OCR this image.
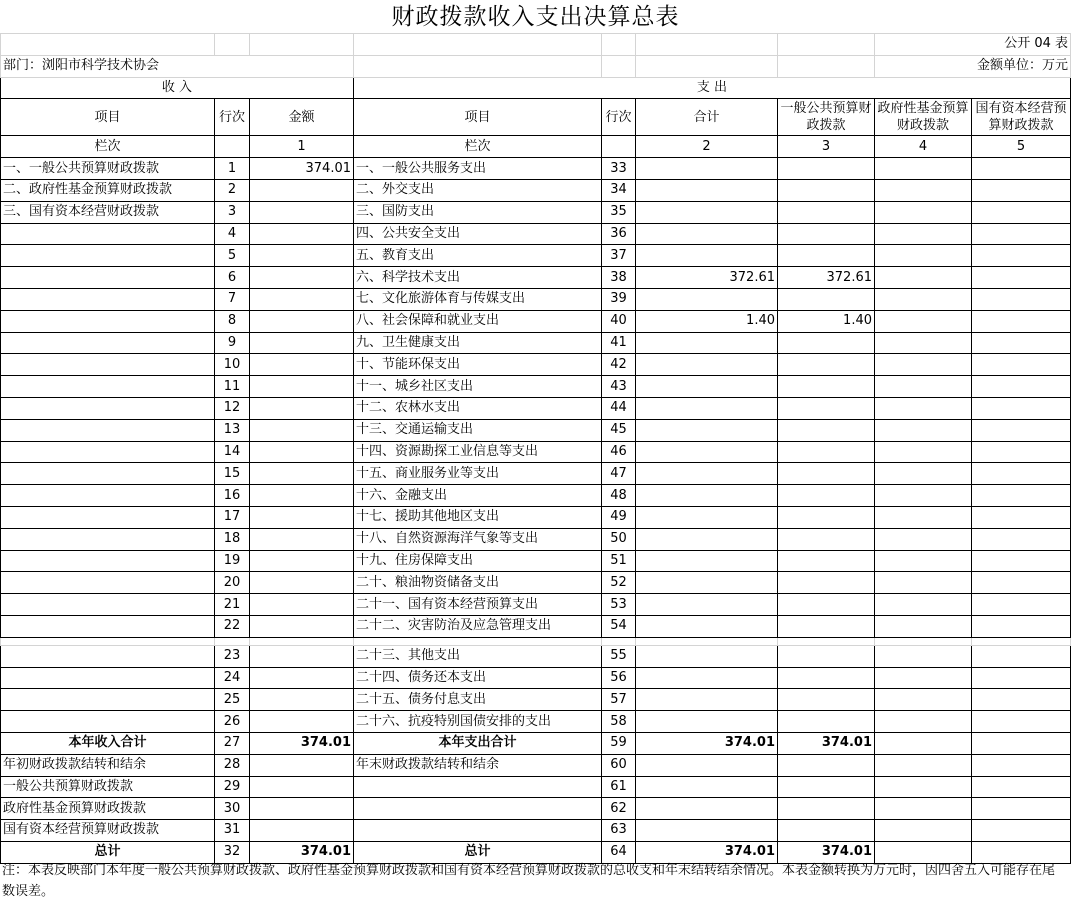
财政拨款收入支出决算总表
							公开 04 表	
部门：浏阳市科学技术协会							金额单位：万元	
收 入			支 出					
项目	行次	金额	项目	行次	合计	一般公共预算财政拨款	政府性基金预算财政拨款	国有资本经营预算财政拨款
栏次		1	栏次		2	3	4	5
一、一般公共预算财政拨款	1	374.01	一、一般公共服务支出	33				
二、政府性基金预算财政拨款	2		二、外交支出	34				
三、国有资本经营财政拨款	3		三、国防支出	35				
	4		四、公共安全支出	36				
	5		五、教育支出	37				
	6		六、科学技术支出	38	372.61	372.61		
	7		七、文化旅游体育与传媒支出	39				
	8		八、社会保障和就业支出	40	1.40	1.40		
	9		九、卫生健康支出	41				
	10		十、节能环保支出	42				
	11		十一、城乡社区支出	43				
	12		十二、农林水支出	44				
	13		十三、交通运输支出	45				
	14		十四、资源勘探工业信息等支出	46				
	15		十五、商业服务业等支出	47				
	16		十六、金融支出	48				
	17		十七、援助其他地区支出	49				
	18		十八、自然资源海洋气象等支出	50				
	19		十九、住房保障支出	51				
	20		二十、粮油物资储备支出	52				
	21		二十一、国有资本经营预算支出	53				
	22		二十二、灾害防治及应急管理支出	54				

	23		二十三、其他支出	55				
	24		二十四、债务还本支出	56				
	25		二十五、债务付息支出	57				
	26		二十六、抗疫特别国债安排的支出	58				
本年收入合计	27	374.01	本年支出合计	59	374.01	374.01		
年初财政拨款结转和结余	28		年末财政拨款结转和结余	60				
一般公共预算财政拨款	29			61				
政府性基金预算财政拨款	30			62				
国有资本经营预算财政拨款	31			63				
总计	32	374.01	总计	64	374.01	374.01		
注：本表反映部门本年度一般公共预算财政拨款、政府性基金预算财政拨款和国有资本经营预算财政拨款的总收支和年末结转结余情况。本表金额转换为万元时，因四舍五入可能存在尾数误差。
